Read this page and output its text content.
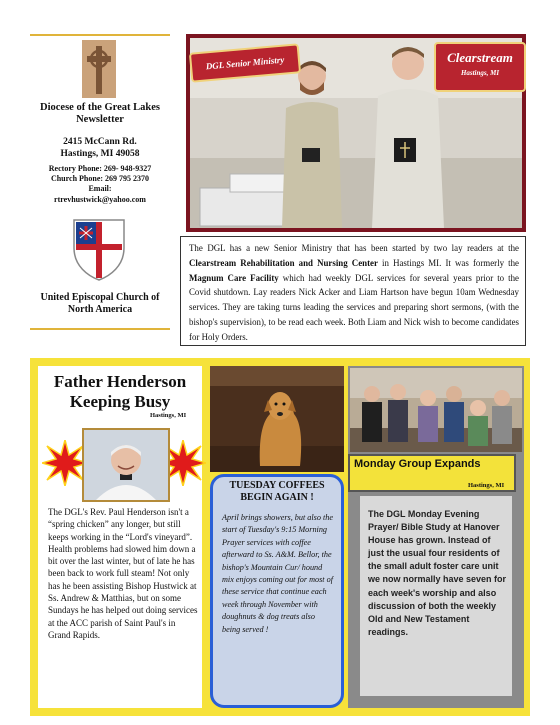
Diocese of the Great Lakes Newsletter
2415 McCann Rd.
Hastings, MI 49058
Rectory Phone: 269- 948-9327
Church Phone: 269 795 2370
Email:
rtrevhustwick@yahoo.com
United Episcopal Church of North America
DGL Senior Ministry	Clearstream
Hastings, MI
The DGL has a new Senior Ministry that has been started by two lay readers at the Clearstream Rehabilitation and Nursing Center in Hastings MI. It was formerly the Magnum Care Facility which had weekly DGL services for several years prior to the Covid shutdown. Lay readers Nick Acker and Liam Hartson have begun 10am Wednesday services. They are taking turns leading the services and preparing short sermons, (with the bishop's supervision), to be read each week. Both Liam and Nick wish to become candidates for Holy Orders.
Father Henderson Keeping Busy
Hastings, MI
The DGL's Rev. Paul Henderson isn't a “spring chicken” any longer, but still keeps working in the “Lord's vineyard”. Health problems had slowed him down a bit over the last winter, but of late he has been back to work full steam! Not only has he been assisting Bishop Hustwick at Ss. Andrew & Matthias, but on some Sundays he has helped out doing services at the ACC parish of Saint Paul's in Grand Rapids.
TUESDAY COFFEES BEGIN AGAIN !
April brings showers, but also the start of Tuesday's 9:15 Morning Prayer services with coffee afterward to Ss. A&M. Bellor, the bishop's Mountain Cur/ hound mix enjoys coming out for most of these service that continue each week through November with doughnuts & dog treats also being served !
Monday Group Expands
Hastings, MI
The DGL Monday Evening Prayer/ Bible Study at Hanover House has grown. Instead of just the usual four residents of the small adult foster care unit we now normally have seven for each week's worship and also discussion of both the weekly Old and New Testament readings.
